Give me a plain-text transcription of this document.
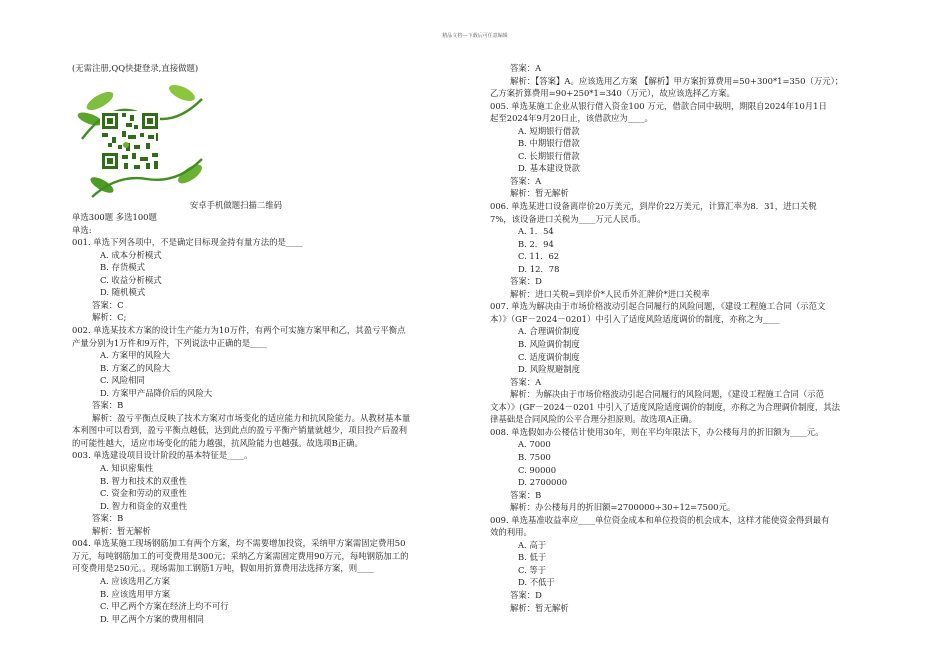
精品文档---下载后可任意编辑
(无需注册,QQ快捷登录,直接做题)
安卓手机做题扫描二维码
单选300题 多选100题
单选:
001. 单选下列各项中，不是确定目标现金持有量方法的是____
A. 成本分析模式
B. 存货模式
C. 收益分析模式
D. 随机模式
答案：C
解析：C;
002. 单选某技术方案的设计生产能力为10万件，有两个可实施方案甲和乙，其盈亏平衡点
产量分别为1万件和9万件，下列说法中正确的是____
A. 方案甲的风险大
B. 方案乙的风险大
C. 风险相同
D. 方案甲产品降价后的风险大
答案：B
解析：盈亏平衡点反映了技术方案对市场变化的适应能力和抗风险能力。从教材基本量
本利图中可以看到，盈亏平衡点越低，达到此点的盈亏平衡产销量就越少，项目投产后盈利
的可能性越大，适应市场变化的能力越强，抗风险能力也越强。故选项B正确。
003. 单选建设项目设计阶段的基本特征是____。
A. 知识密集性
B. 智力和技术的双重性
C. 资金和劳动的双重性
D. 智力和资金的双重性
答案：B
解析：暂无解析
004. 单选某施工现场钢筋加工有两个方案，均不需要增加投资，采纳甲方案需固定费用50
万元，每吨钢筋加工的可变费用是300元；采纳乙方案需固定费用90万元，每吨钢筋加工的
可变费用是250元。。现场需加工钢筋1万吨，假如用折算费用法选择方案，则____
A. 应该选用乙方案
B. 应该选用甲方案
C. 甲乙两个方案在经济上均不可行
D. 甲乙两个方案的费用相同
答案：A
解析：【答案】A。应该选用乙方案 【解析】甲方案折算费用=50+300*1=350（万元）；
乙方案折算费用=90+250*1=340（万元），故应该选择乙方案。
005. 单选某施工企业从银行借入资金100 万元，借款合同中载明，期限自2024年10月1日
起至2024年9月20日止，该借款应为____。
A. 短期银行借款
B. 中期银行借款
C. 长期银行借款
D. 基本建设贷款
答案：A
解析：暂无解析
006. 单选某进口设备离岸价20万美元，到岸价22万美元，计算汇率为8．31，进口关税
7%，该设备进口关税为____万元人民币。
A. 1．54
B. 2．94
C. 11．62
D. 12．78
答案：D
解析：进口关税=到岸价*人民币外汇牌价*进口关税率
007. 单选为解决由于市场价格波动引起合同履行的风险问题，《建设工程施工合同（示范文
本）》（GF－2024－0201）中引入了适度风险适度调价的制度，亦称之为____
A. 合理调价制度
B. 风险调价制度
C. 适度调价制度
D. 风险规避制度
答案：A
解析：为解决由于市场价格波动引起合同履行的风险问题，《建设工程施工合同（示范
文本）》(GF－2024－0201 中引入了适度风险适度调价的制度，亦称之为合理调价制度，其法
律基础是合同风险的公平合理分担原则。故选项A正确。
008. 单选假如办公楼估计使用30年，则在平均年限法下，办公楼每月的折旧额为____元。
A. 7000
B. 7500
C. 90000
D. 2700000
答案：B
解析：办公楼每月的折旧额=2700000÷30÷12=7500元。
009. 单选基准收益率应____单位资金成本和单位投资的机会成本，这样才能使资金得到最有
效的利用。
A. 高于
B. 低于
C. 等于
D. 不低于
答案：D
解析：暂无解析
